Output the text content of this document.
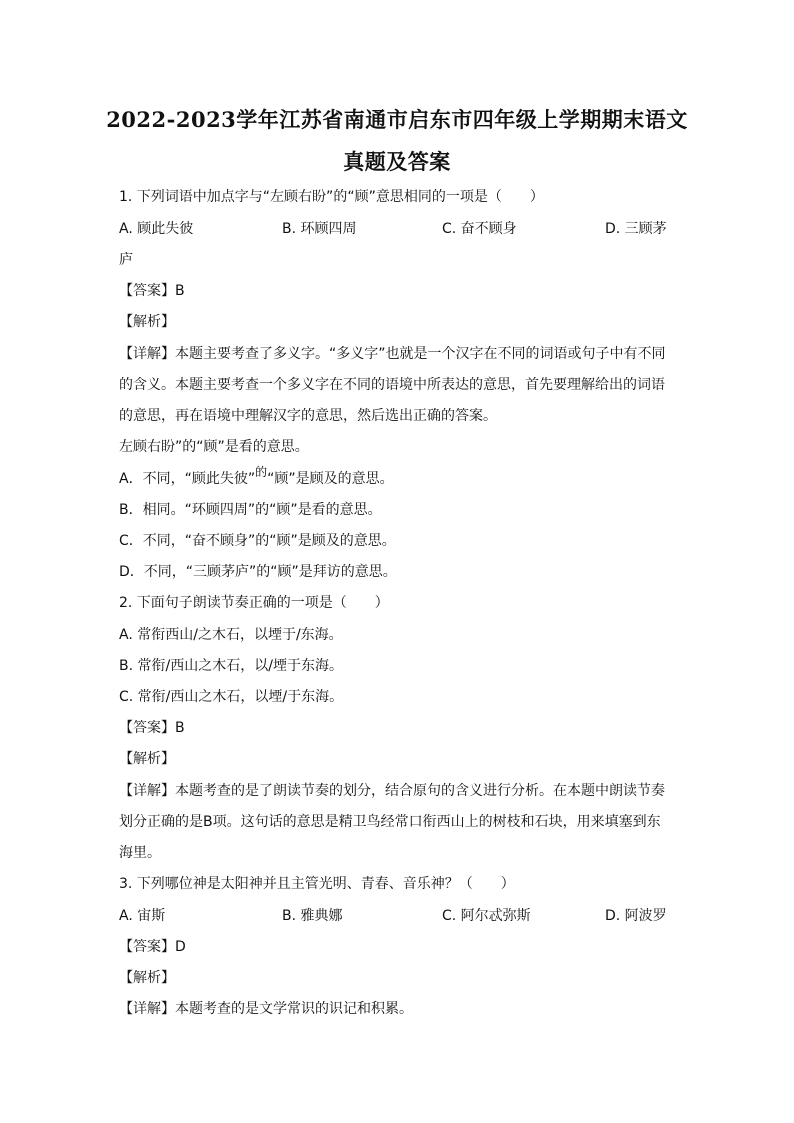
2022-2023学年江苏省南通市启东市四年级上学期期末语文
真题及答案
1. 下列词语中加点字与“左顾右盼”的“顾”意思相同的一项是（　　）
A. 顾此失彼	B. 环顾四周	C. 奋不顾身	D. 三顾茅
庐
【答案】B
【解析】
【详解】本题主要考查了多义字。“多义字”也就是一个汉字在不同的词语或句子中有不同
的含义。本题主要考查一个多义字在不同的语境中所表达的意思，首先要理解给出的词语
的意思，再在语境中理解汉字的意思，然后选出正确的答案。
左顾右盼”的“顾”是看的意思。
A．不同，“顾此失彼”的“顾”是顾及的意思。
B．相同。“环顾四周”的“顾”是看的意思。
C．不同，“奋不顾身”的“顾”是顾及的意思。
D．不同，“三顾茅庐”的“顾”是拜访的意思。
2. 下面句子朗读节奏正确的一项是（　　）
A. 常衔西山/之木石，以堙于/东海。
B. 常衔/西山之木石，以/堙于东海。
C. 常衔/西山之木石，以堙/于东海。
【答案】B
【解析】
【详解】本题考查的是了朗读节奏的划分，结合原句的含义进行分析。在本题中朗读节奏
划分正确的是B项。这句话的意思是精卫鸟经常口衔西山上的树枝和石块，用来填塞到东
海里。
3. 下列哪位神是太阳神并且主管光明、青春、音乐神？（　　）
A. 宙斯	B. 雅典娜	C. 阿尔忒弥斯	D. 阿波罗
【答案】D
【解析】
【详解】本题考查的是文学常识的识记和积累。
